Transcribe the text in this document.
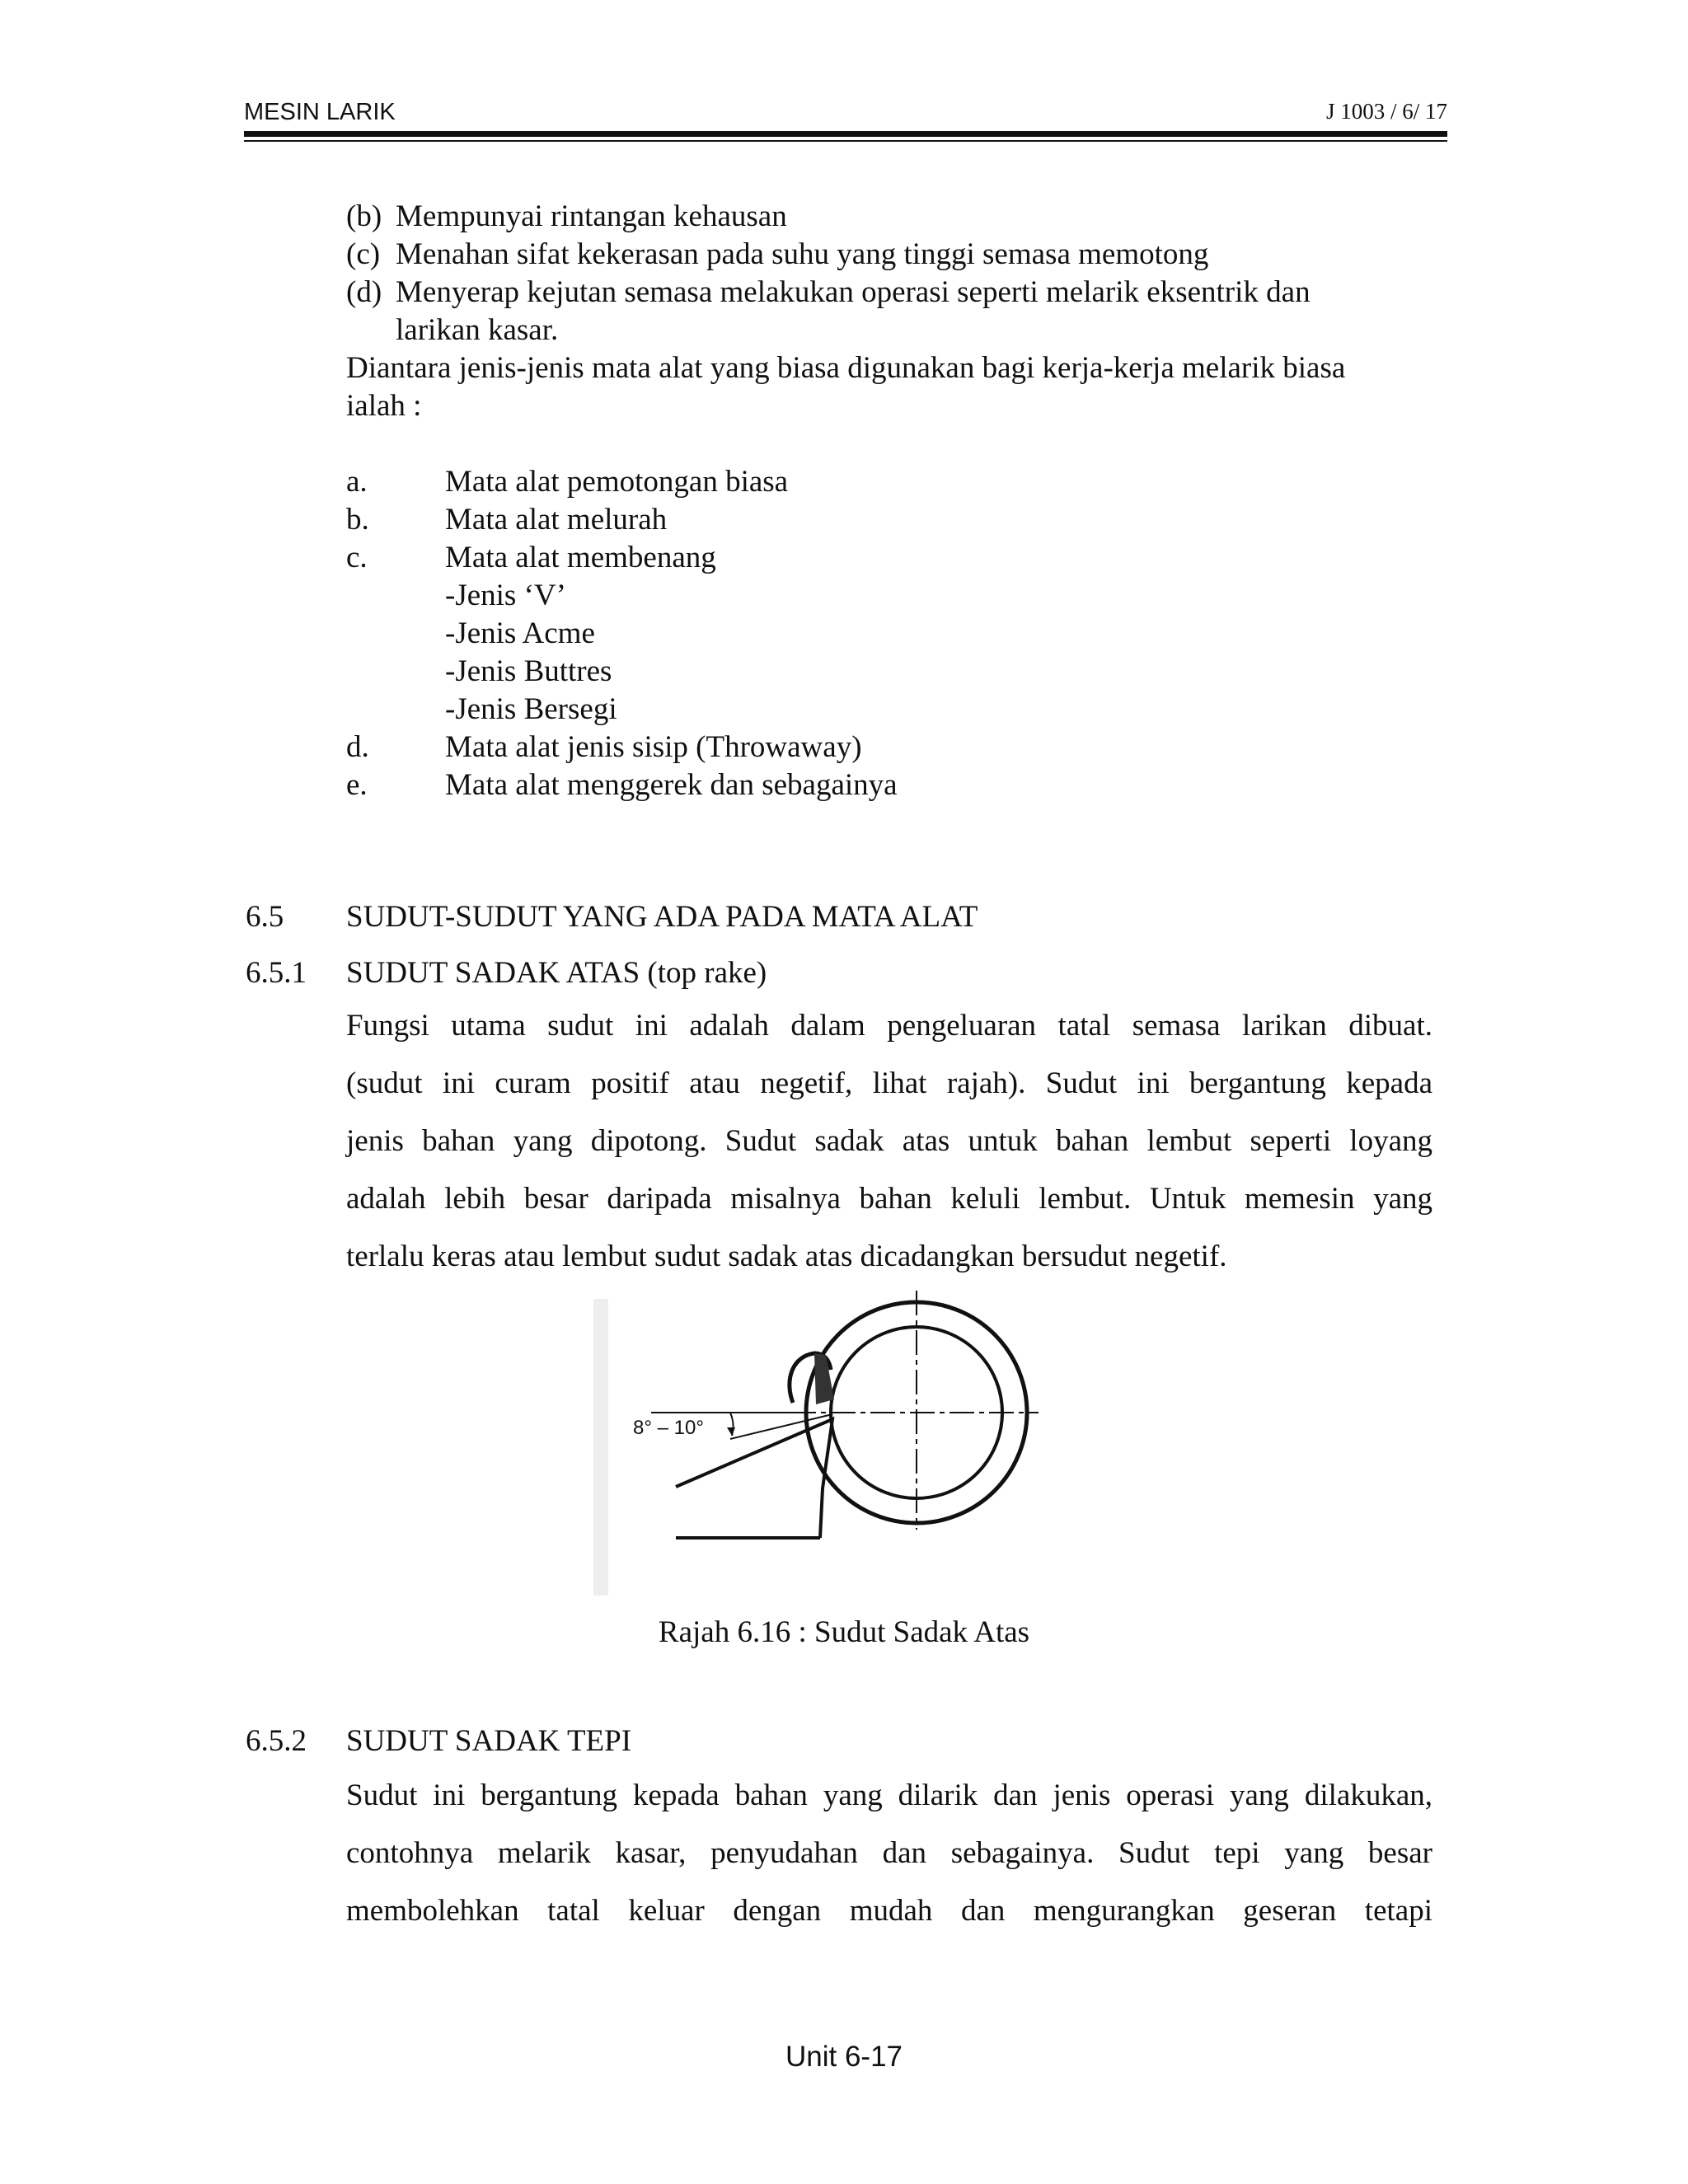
MESIN LARIK	J 1003 / 6/ 17
(b) Mempunyai rintangan kehausan
(c) Menahan sifat kekerasan pada suhu yang tinggi semasa memotong
(d) Menyerap kejutan semasa melakukan operasi seperti melarik eksentrik dan
larikan kasar.
Diantara jenis-jenis mata alat yang biasa digunakan bagi kerja-kerja melarik biasa
ialah :
a.	Mata alat pemotongan biasa
b. Mata alat melurah
c.	Mata alat membenang
-Jenis ‘V’
-Jenis Acme
-Jenis Buttres
-Jenis Bersegi
d. Mata alat jenis sisip (Throwaway)
e.	Mata alat menggerek dan sebagainya
6.5 SUDUT-SUDUT YANG ADA PADA MATA ALAT
6.5.1 SUDUT SADAK ATAS (top rake)
Fungsi utama sudut ini adalah dalam pengeluaran tatal semasa larikan dibuat.
(sudut ini curam positif atau negetif, lihat rajah). Sudut ini bergantung kepada
jenis bahan yang dipotong. Sudut sadak atas untuk bahan lembut seperti loyang
adalah lebih besar daripada misalnya bahan keluli lembut. Untuk memesin yang
terlalu keras atau lembut sudut sadak atas dicadangkan bersudut negetif.
8° – 10°
Rajah 6.16 : Sudut Sadak Atas
6.5.2 SUDUT SADAK TEPI
Sudut ini bergantung kepada bahan yang dilarik dan jenis operasi yang dilakukan,
contohnya melarik kasar, penyudahan dan sebagainya. Sudut tepi yang besar
membolehkan tatal keluar dengan mudah dan mengurangkan geseran tetapi
Unit 6-17
